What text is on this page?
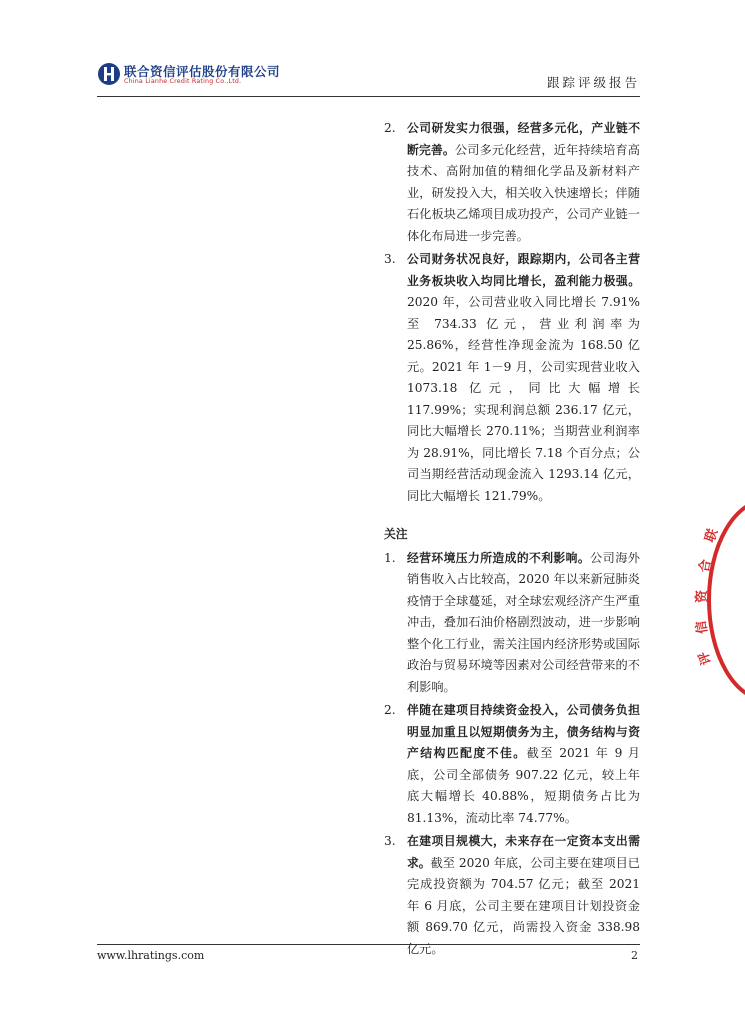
联合资信评估股份有限公司
China Lianhe Credit Rating Co.,Ltd.	跟踪评级报告
2. 公司研发实力很强，经营多元化，产业链不断完善。公司多元化经营，近年持续培育高技术、高附加值的精细化学品及新材料产业，研发投入大，相关收入快速增长；伴随石化板块乙烯项目成功投产，公司产业链一体化布局进一步完善。
3. 公司财务状况良好，跟踪期内，公司各主营业务板块收入均同比增长，盈利能力极强。2020 年，公司营业收入同比增长 7.91%至 734.33 亿元，营业利润率为 25.86%，经营性净现金流为 168.50 亿元。2021 年 1－9 月，公司实现营业收入 1073.18 亿元，同比大幅增长 117.99%；实现利润总额 236.17 亿元，同比大幅增长 270.11%；当期营业利润率为 28.91%，同比增长 7.18 个百分点；公司当期经营活动现金流入 1293.14 亿元，同比大幅增长 121.79%。
关注
1. 经营环境压力所造成的不利影响。公司海外销售收入占比较高，2020 年以来新冠肺炎疫情于全球蔓延，对全球宏观经济产生严重冲击，叠加石油价格剧烈波动，进一步影响整个化工行业，需关注国内经济形势或国际政治与贸易环境等因素对公司经营带来的不利影响。
2. 伴随在建项目持续资金投入，公司债务负担明显加重且以短期债务为主，债务结构与资产结构匹配度不佳。截至 2021 年 9 月底，公司全部债务 907.22 亿元，较上年底大幅增长 40.88%，短期债务占比为 81.13%，流动比率 74.77%。
3. 在建项目规模大，未来存在一定资本支出需求。截至 2020 年底，公司主要在建项目已完成投资额为 704.57 亿元；截至 2021 年 6 月底，公司主要在建项目计划投资金额 869.70 亿元，尚需投入资金 338.98 亿元。
联
合
资
信
评
www.lhratings.com	2
